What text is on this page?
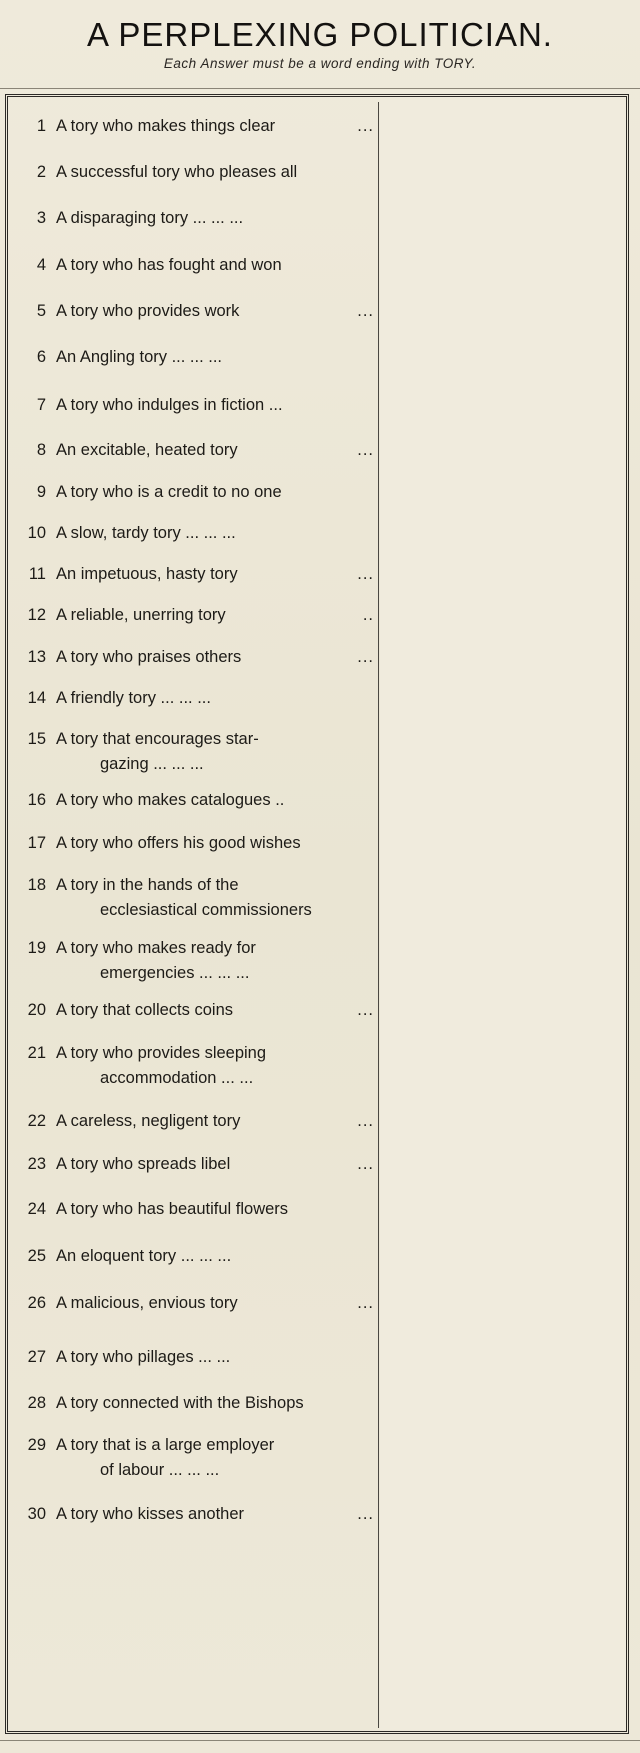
A PERPLEXING POLITICIAN.
Each Answer must be a word ending with TORY.
1 A tory who makes things clear	...
2 A successful tory who pleases all
3 A disparaging tory ... ... ...
4 A tory who has fought and won
5 A tory who provides work	...
6 An Angling tory ... ... ...
7 A tory who indulges in fiction ...
8 An excitable, heated tory	...
9 A tory who is a credit to no one
10 A slow, tardy tory ... ... ...
11 An impetuous, hasty tory	...
12 A reliable, unerring tory	..
13 A tory who praises others	...
14 A friendly tory ... ... ...
15 A tory that encourages star-
gazing ... ... ...
16 A tory who makes catalogues ..
17 A tory who offers his good wishes
18 A tory in the hands of the
ecclesiastical commissioners
19 A tory who makes ready for
emergencies ... ... ...
20 A tory that collects coins	...
21 A tory who provides sleeping
accommodation ... ...
22 A careless, negligent tory	...
23 A tory who spreads libel	...
24 A tory who has beautiful flowers
25 An eloquent tory ... ... ...
26 A malicious, envious tory	...
27 A tory who pillages ... ...
28 A tory connected with the Bishops
29 A tory that is a large employer
of labour ... ... ...
30 A tory who kisses another	...
